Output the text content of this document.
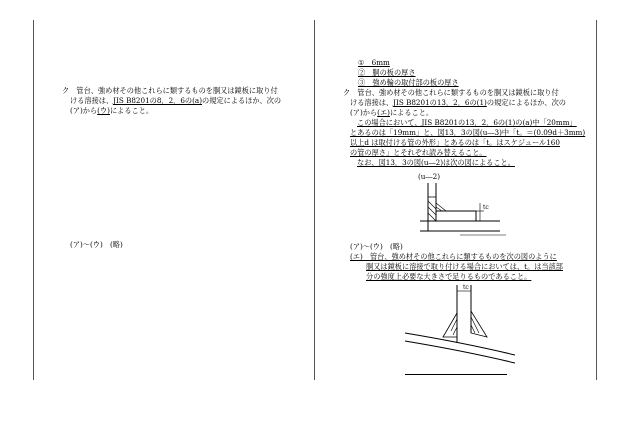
ク　管台、強め材その他これらに類するものを胴又は鏡板に取り付
ける溶接は、JIS B8201の8．2．6の(a)の規定によるほか、次の
(ア)から(ウ)によること。
(ア)～(ウ)　(略)
①　6mm
②　胴の板の厚さ
③　強め輪の取付部の板の厚さ
ク　管台、強め材その他これらに類するものを胴又は鏡板に取り付
ける溶接は、JIS B8201の13．2．6の(1)の規定によるほか、次の
(ア)から(エ)によること。
この場合において、JIS B8201の13．2．6の(1)の(a)中「20mm」
とあるのは「19mm」と、図13．3の図(u―3)中「t。＝(0.09d＋3mm)
以上d は取付ける管の外形」とあるのは「t。はスケジュール160
の管の厚さ」とそれぞれ読み替えること。
なお、図13．3の図(u―2)は次の図によること。
(u―2)
tc
(ア)～(ウ)　(略)
(エ)　管台、強め材その他これらに類するものを次の図のように
胴又は鏡板に溶接で取り付ける場合においては、t。は当該部
分の強度上必要な大きさで足りるものであること。
tc
